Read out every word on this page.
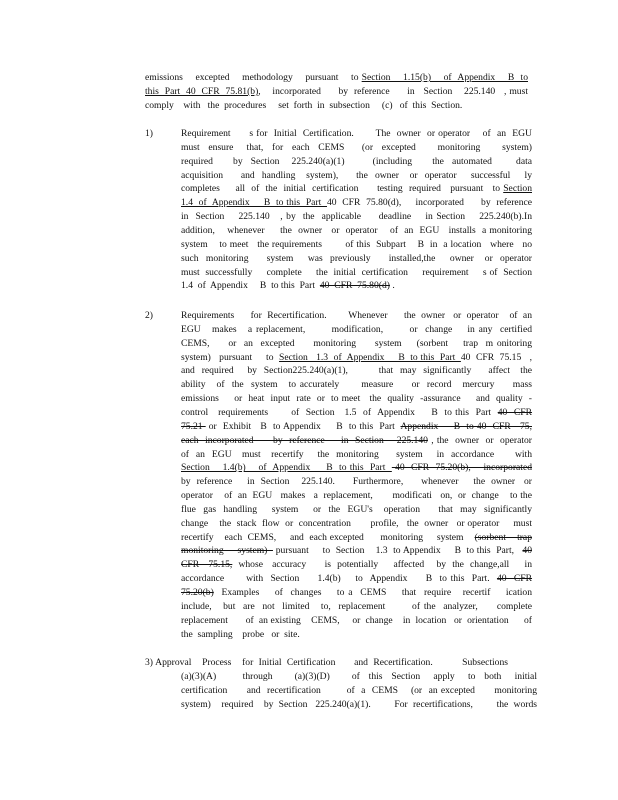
emissions    excepted    methodology    pursuant    to Section    1.15(b)    of  Appendix    B  to
this  Part  40  CFR  75.81(b),    incorporated      by  reference      in   Section    225.140   , must
comply    with   the  procedures     set  forth  in  subsection     (c)   of  this  Section.
1)	Requirement      s for  Initial  Certification.       The  owner  or operator    of  an  EGU
must  ensure   that,  for  each  CEMS    (or  excepted     monitoring     system)
required     by  Section   225.240(a)(1)       (including     the  automated      data
acquisition     and  handling   system),     the  owner   or  operator    successful    ly
completes     all  of  the  initial  certification      testing  required   pursuant   to Section
1.4  of  Appendix     B  to this  Part  40  CFR  75.80(d),     incorporated      by  reference
in  Section    225.140   , by  the  applicable     deadline    in Section    225.240(b).In
addition,    whenever     the  owner   or  operator    of  an  EGU   installs  a monitoring
system    to meet   the requirements        of this  Subpart    B  in  a location   where   no
such  monitoring     system    was  previously     installed,the    owner   or  operator
must  successfully     complete     the  initial  certification     requirement     s of  Section
1.4  of  Appendix     B  to this  Part  40  CFR  75.80(d) .
2)	Requirements      for  Recertification.        Whenever      the  owner   or  operator    of  an
EGU   makes   a replacement,       modification,       or  change    in any  certified
CEMS,     or  an  excepted     monitoring     system    (sorbent    trap  m onitoring
system)   pursuant     to  Section   1.3  of  Appendix     B  to this  Part  40  CFR  75.15   ,
and  required    by  Section225.240(a)(1),         that  may  significantly     affect   the
ability   of  the  system   to accurately      measure     or  record   mercury     mass
emissions     or  heat  input  rate  or  to meet   the  quality  -assurance     and  quality  -
control   requirements       of  Section   1.5  of  Appendix     B  to this  Part  40  CFR
75.21  or  Exhibit   B  to Appendix     B  to this  Part  Appendix     B  to 40  CFR   75,
each  incorporated      by  reference     in  Section    225.140 , the  owner  or  operator
of  an  EGU   must   recertify    the  monitoring     system    in  accordance      with
Section    1.4(b)    of  Appendix     B  to this  Part   40  CFR  75.20(b),    incorporated
by  reference     in  Section    225.140.      Furthermore,      whenever     the  owner   or
operator    of  an  EGU   makes   a  replacement,       modificati   on,  or  change    to the
flue  gas  handling    system    or  the  EGU's   operation     that  may  significantly
change    the  stack  flow  or  concentration       profile,   the  owner   or operator     must
recertify    each  CEMS,     and  each excepted      monitoring     system    (sorbent    trap
monitoring     system)   pursuant     to  Section    1.3  to Appendix     B  to this  Part,   40
CFR   75.15,  whose   accuracy      is  potentially     affected    by  the  change,all     in
accordance      with  Section     1.4(b)    to  Appendix     B  to this  Part.  40  CFR
75.20(b)  Examples    of  changes    to a  CEMS    that  require   recertif    ication
include,   but  are  not  limited   to,  replacement       of the  analyzer,     complete
replacement       of  an existing    CEMS,     or  change    in  location   or  orientation      of
the  sampling    probe   or  site.
3) Approval    Process    for  Initial  Certification       and  Recertification.           Subsections
(a)(3)(A)      through     (a)(3)(D)     of  this  Section   apply   to  both   initial
certification      and  recertification        of  a  CEMS    (or  an excepted      monitoring
system)    required    by  Section   225.240(a)(1).         For  recertifications,         the  words
